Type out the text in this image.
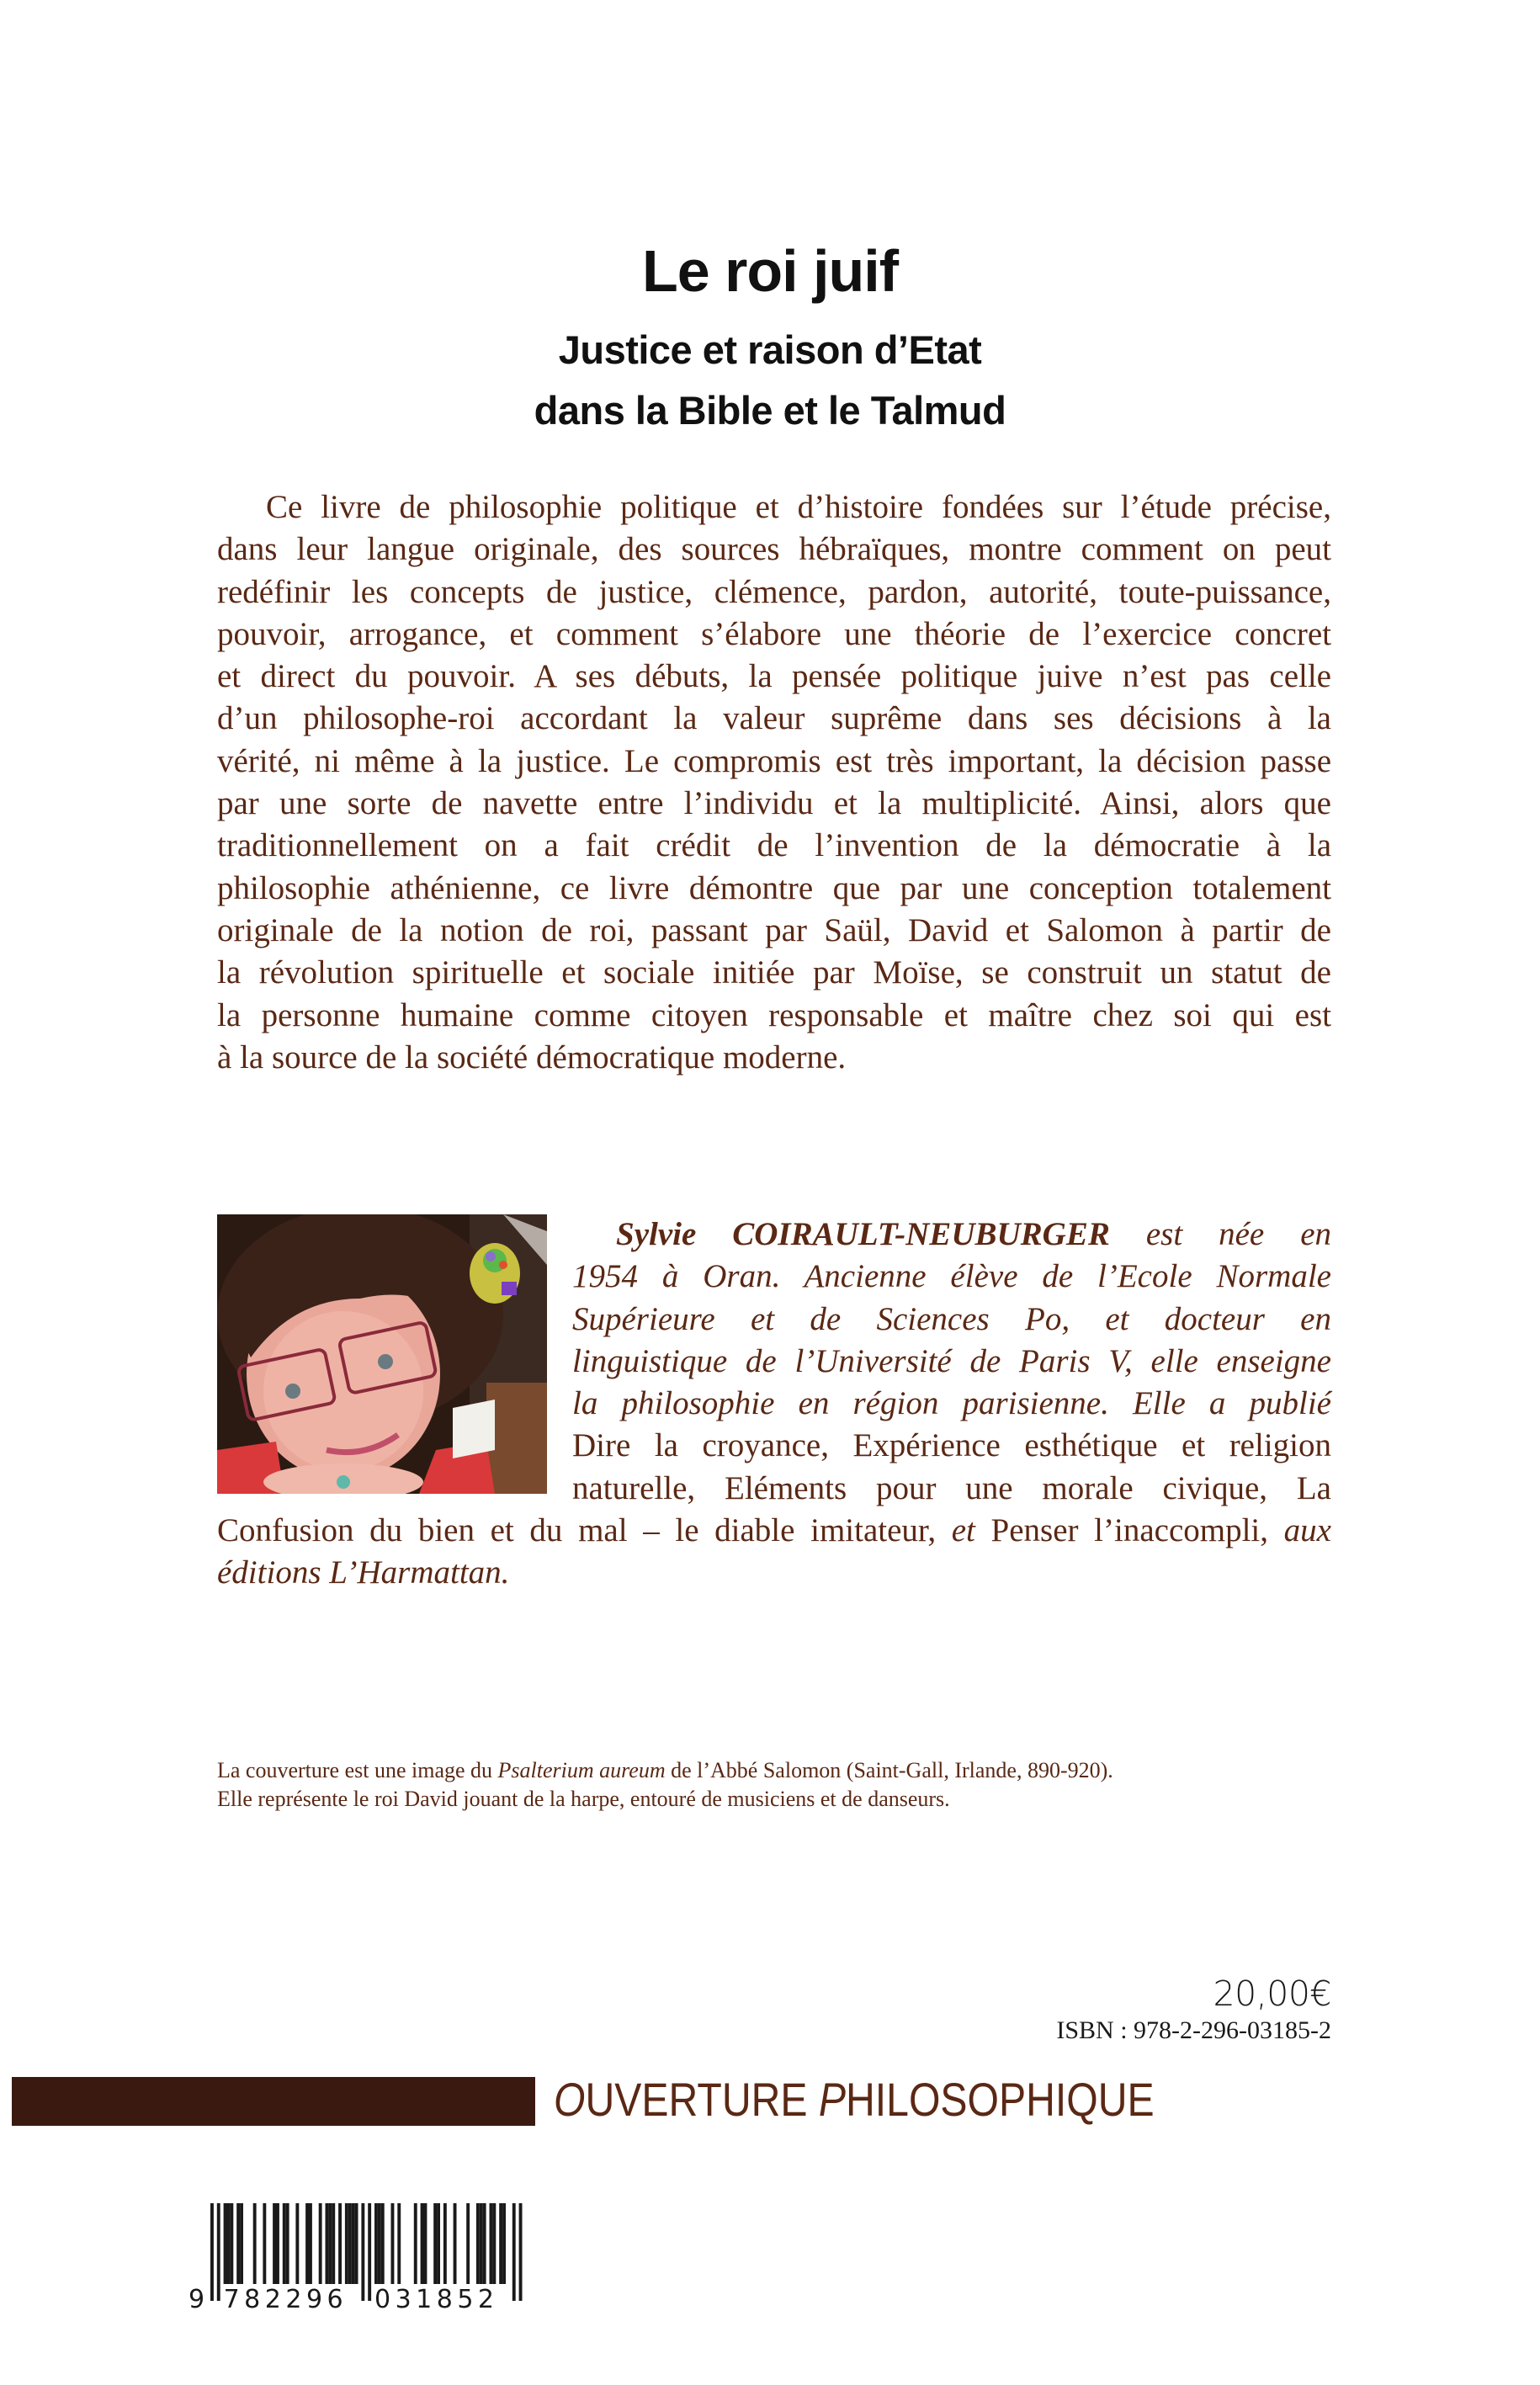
Le roi juif
Justice et raison d’Etat
dans la Bible et le Talmud
Ce livre de philosophie politique et d’histoire fondées sur l’étude précise,
dans leur langue originale, des sources hébraïques, montre comment on peut
redéfinir les concepts de justice, clémence, pardon, autorité, toute-puissance,
pouvoir, arrogance, et comment s’élabore une théorie de l’exercice concret
et direct du pouvoir. A ses débuts, la pensée politique juive n’est pas celle
d’un philosophe-roi accordant la valeur suprême dans ses décisions à la
vérité, ni même à la justice. Le compromis est très important, la décision passe
par une sorte de navette entre l’individu et la multiplicité. Ainsi, alors que
traditionnellement on a fait crédit de l’invention de la démocratie à la
philosophie athénienne, ce livre démontre que par une conception totalement
originale de la notion de roi, passant par Saül, David et Salomon à partir de
la révolution spirituelle et sociale initiée par Moïse, se construit un statut de
la personne humaine comme citoyen responsable et maître chez soi qui est
à la source de la société démocratique moderne.
Sylvie COIRAULT-NEUBURGER est née en
1954 à Oran. Ancienne élève de l’Ecole Normale
Supérieure et de Sciences Po, et docteur en
linguistique de l’Université de Paris V, elle enseigne
la philosophie en région parisienne. Elle a publié
Dire la croyance, Expérience esthétique et religion
naturelle, Eléments pour une morale civique, La
Confusion du bien et du mal – le diable imitateur, et Penser l’inaccompli, aux
éditions L’Harmattan.
La couverture est une image du Psalterium aureum de l’Abbé Salomon (Saint-Gall, Irlande, 890-920).
Elle représente le roi David jouant de la harpe, entouré de musiciens et de danseurs.
20,00€
ISBN : 978-2-296-03185-2
OUVERTURE PHILOSOPHIQUE
9 782296 031852
